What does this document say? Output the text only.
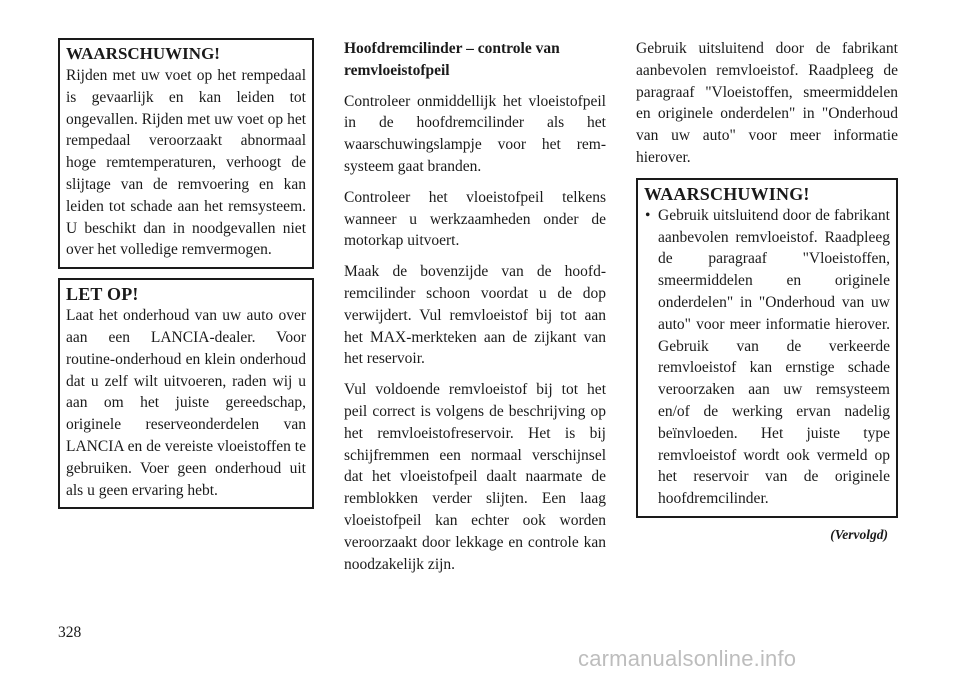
WAARSCHUWING!

Rijden met uw voet op het rempedaal is gevaarlijk en kan leiden tot ongevallen. Rijden met uw voet op het rempedaal veroorzaakt abnormaal hoge remtemperaturen, verhoogt de slijtage van de remvoering en kan leiden tot schade aan het remsysteem. U beschikt dan in noodgevallen niet over het volledige remvermogen.

LET OP!

Laat het onderhoud van uw auto over aan een LANCIA-dealer. Voor routine-onderhoud en klein onderhoud dat u zelf wilt uitvoeren, raden wij u aan om het juiste gereedschap, originele reserveonderdelen van LANCIA en de vereiste vloeistoffen te gebruiken. Voer geen onderhoud uit als u geen ervaring hebt.

Hoofdremcilinder – controle van remvloeistofpeil

Controleer onmiddellijk het vloeistofpeil in de hoofdremcilinder als het waarschuwingslampje voor het remsysteem gaat branden.

Controleer het vloeistofpeil telkens wanneer u werkzaamheden onder de motorkap uitvoert.

Maak de bovenzijde van de hoofdremcilinder schoon voordat u de dop verwijdert. Vul remvloeistof bij tot aan het MAX-merkteken aan de zijkant van het reservoir.

Vul voldoende remvloeistof bij tot het peil correct is volgens de beschrijving op het remvloeistofreservoir. Het is bij schijfremmen een normaal verschijnsel dat het vloeistofpeil daalt naarmate de remblokken verder slijten. Een laag vloeistofpeil kan echter ook worden veroorzaakt door lekkage en controle kan noodzakelijk zijn.

Gebruik uitsluitend door de fabrikant aanbevolen remvloeistof. Raadpleeg de paragraaf "Vloeistoffen, smeermiddelen en originele onderdelen" in "Onderhoud van uw auto" voor meer informatie hierover.

WAARSCHUWING!

• Gebruik uitsluitend door de fabrikant aanbevolen remvloeistof. Raadpleeg de paragraaf "Vloeistoffen, smeermiddelen en originele onderdelen" in "Onderhoud van uw auto" voor meer informatie hierover. Gebruik van de verkeerde remvloeistof kan ernstige schade veroorzaken aan uw remsysteem en/of de werking ervan nadelig beïnvloeden. Het juiste type remvloeistof wordt ook vermeld op het reservoir van de originele hoofdremcilinder.

(Vervolgd)

328
carmanualsonline.info
